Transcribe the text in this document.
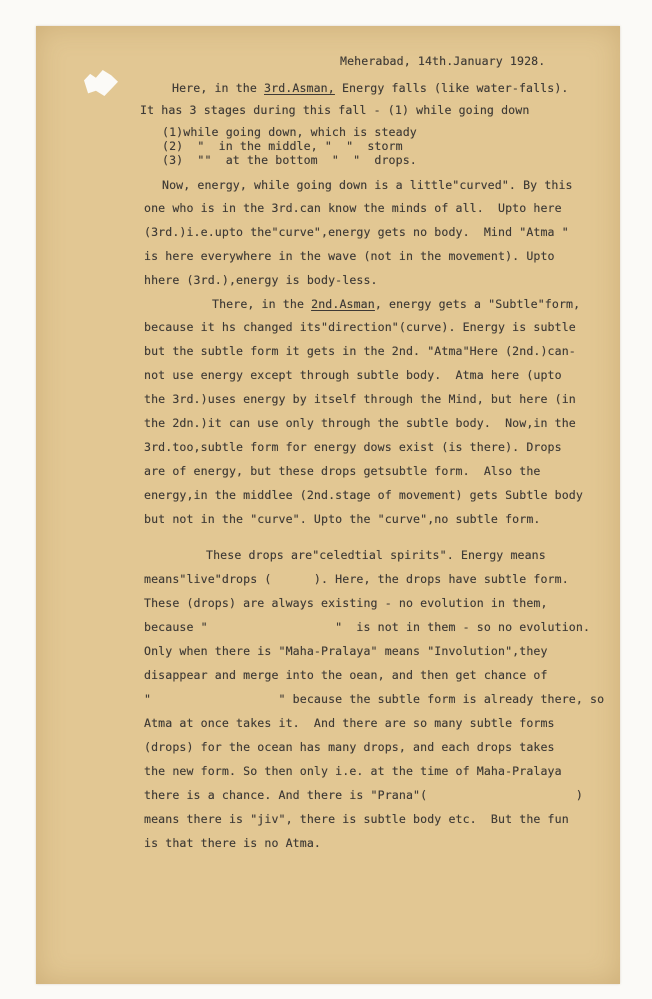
Meherabad, 14th.January 1928.
Here, in the 3rd.Asman, Energy falls (like water-falls).
It has 3 stages during this fall - (1) while going down
(1)while going down, which is steady
(2)  "  in the middle, "  "  storm
(3)  ""  at the bottom  "  "  drops.
Now, energy, while going down is a little"curved". By this
one who is in the 3rd.can know the minds of all.  Upto here
(3rd.)i.e.upto the"curve",energy gets no body.  Mind "Atma "
is here everywhere in the wave (not in the movement). Upto
hhere (3rd.),energy is body-less.
There, in the 2nd.Asman, energy gets a "Subtle"form,
because it hs changed its"direction"(curve). Energy is subtle
but the subtle form it gets in the 2nd. "Atma"Here (2nd.)can-
not use energy except through subtle body.  Atma here (upto
the 3rd.)uses energy by itself through the Mind, but here (in
the 2dn.)it can use only through the subtle body.  Now,in the
3rd.too,subtle form for energy dows exist (is there). Drops
are of energy, but these drops getsubtle form.  Also the
energy,in the middlee (2nd.stage of movement) gets Subtle body
but not in the "curve". Upto the "curve",no subtle form.
These drops are"celedtial spirits". Energy means
means"live"drops (      ). Here, the drops have subtle form.
These (drops) are always existing - no evolution in them,
because "                  "  is not in them - so no evolution.
Only when there is "Maha-Pralaya" means "Involution",they
disappear and merge into the oean, and then get chance of
"                  " because the subtle form is already there, so
Atma at once takes it.  And there are so many subtle forms
(drops) for the ocean has many drops, and each drops takes
the new form. So then only i.e. at the time of Maha-Pralaya
there is a chance. And there is "Prana"(                     )
means there is "jiv", there is subtle body etc.  But the fun
is that there is no Atma.
